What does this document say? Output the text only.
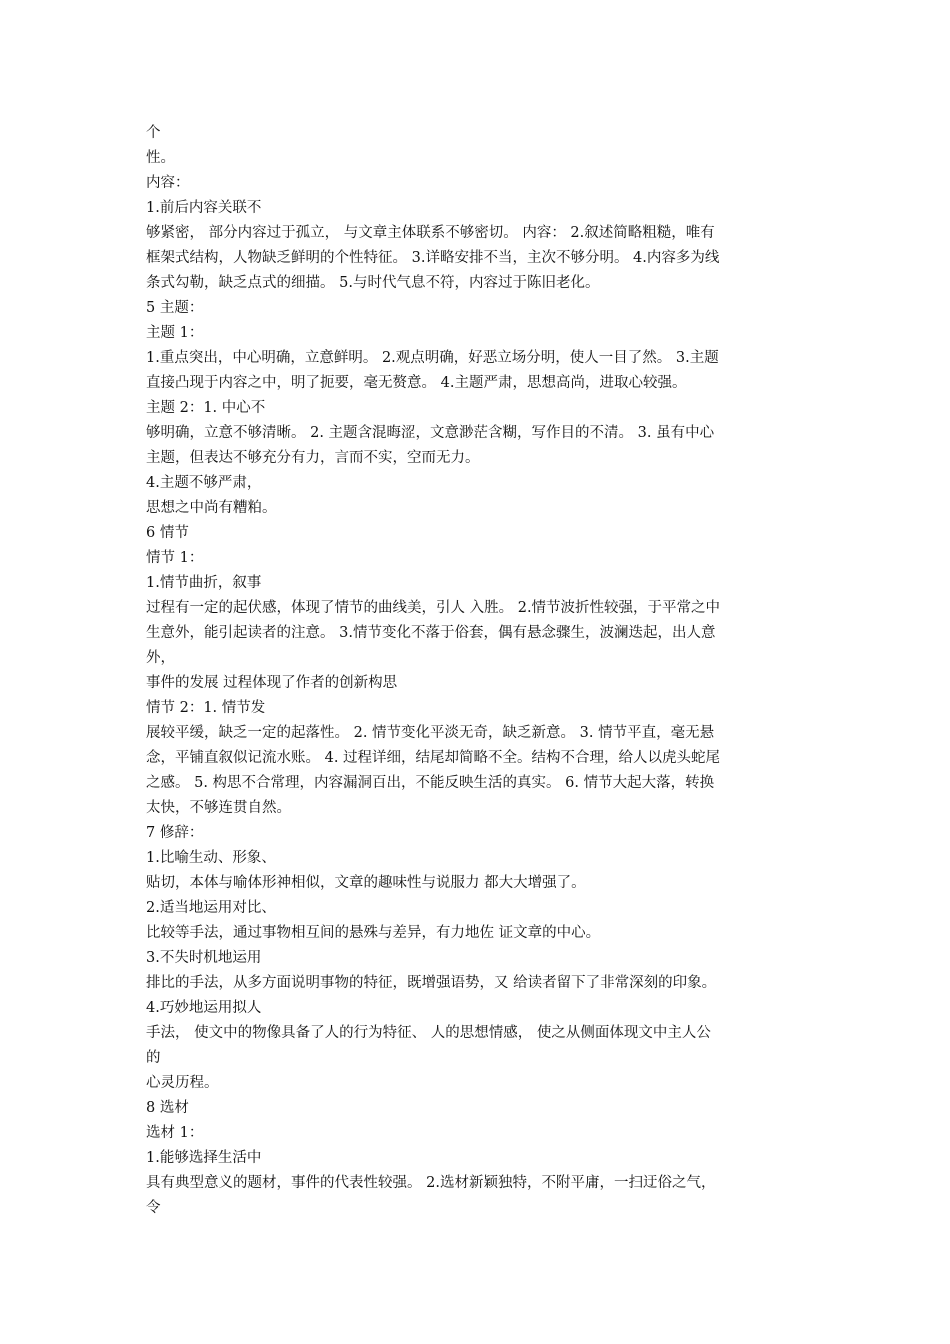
个
性。
内容：
1.前后内容关联不
够紧密， 部分内容过于孤立， 与文章主体联系不够密切。 内容： 2.叙述简略粗糙，唯有
框架式结构，人物缺乏鲜明的个性特征。 3.详略安排不当，主次不够分明。 4.内容多为线
条式勾勒，缺乏点式的细描。 5.与时代气息不符，内容过于陈旧老化。
5 主题：
主题 1：
1.重点突出，中心明确，立意鲜明。 2.观点明确，好恶立场分明，使人一目了然。 3.主题
直接凸现于内容之中，明了扼要，毫无赘意。 4.主题严肃，思想高尚，进取心较强。
主题 2：1. 中心不
够明确，立意不够清晰。 2. 主题含混晦涩，文意渺茫含糊，写作目的不清。 3. 虽有中心
主题，但表达不够充分有力，言而不实，空而无力。
4.主题不够严肃，
思想之中尚有糟粕。
6 情节
情节 1：
1.情节曲折，叙事
过程有一定的起伏感，体现了情节的曲线美，引人 入胜。 2.情节波折性较强，于平常之中
生意外，能引起读者的注意。 3.情节变化不落于俗套，偶有悬念骤生，波澜迭起，出人意
外，
事件的发展 过程体现了作者的创新构思
情节 2：1. 情节发
展较平缓，缺乏一定的起落性。 2. 情节变化平淡无奇，缺乏新意。 3. 情节平直，毫无悬
念，平铺直叙似记流水账。 4. 过程详细，结尾却简略不全。结构不合理，给人以虎头蛇尾
之感。 5. 构思不合常理，内容漏洞百出，不能反映生活的真实。 6. 情节大起大落，转换
太快，不够连贯自然。
7 修辞：
1.比喻生动、形象、
贴切，本体与喻体形神相似，文章的趣味性与说服力 都大大增强了。
2.适当地运用对比、
比较等手法，通过事物相互间的悬殊与差异，有力地佐 证文章的中心。
3.不失时机地运用
排比的手法，从多方面说明事物的特征，既增强语势，又 给读者留下了非常深刻的印象。
4.巧妙地运用拟人
手法， 使文中的物像具备了人的行为特征、 人的思想情感， 使之从侧面体现文中主人公
的
心灵历程。
8 选材
选材 1：
1.能够选择生活中
具有典型意义的题材，事件的代表性较强。 2.选材新颖独特，不附平庸，一扫迂俗之气，
令
